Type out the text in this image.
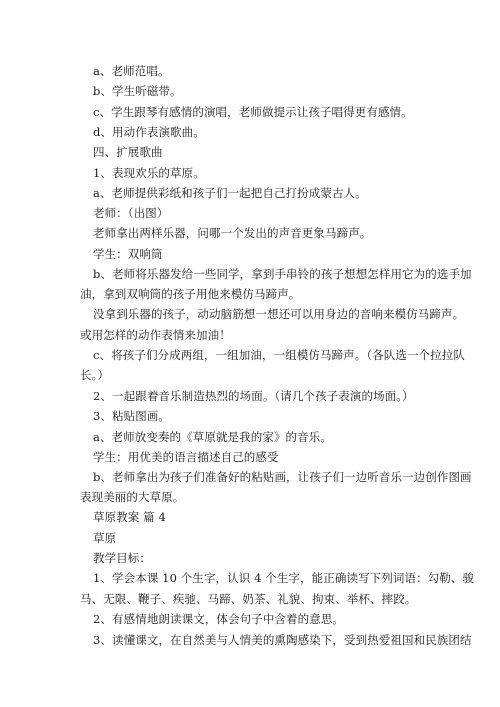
a、老师范唱。
b、学生听磁带。
c、学生跟琴有感情的演唱，老师做提示让孩子唱得更有感情。
d、用动作表演歌曲。
四、扩展歌曲
1、表现欢乐的草原。
a、老师提供彩纸和孩子们一起把自己打扮成蒙古人。
老师：（出图）
老师拿出两样乐器，问哪一个发出的声音更象马蹄声。
学生：双响筒
b、老师将乐器发给一些同学，拿到手串铃的孩子想想怎样用它为的选手加
油，拿到双响筒的孩子用他来模仿马蹄声。
没拿到乐器的孩子，动动脑筋想一想还可以用身边的音响来模仿马蹄声。
或用怎样的动作表情来加油！
c、将孩子们分成两组，一组加油，一组模仿马蹄声。（各队选一个拉拉队
长。）
2、一起跟着音乐制造热烈的场面。（请几个孩子表演的场面。）
3、粘贴图画。
a、老师放变奏的《草原就是我的家》的音乐。
学生：用优美的语言描述自己的感受
b、老师拿出为孩子们准备好的粘贴画，让孩子们一边听音乐一边创作图画
表现美丽的大草原。
草原教案 篇 4
草原
教学目标：
1、学会本课 10 个生字，认识 4 个生字，能正确读写下列词语：勾勒、骏
马、无限、鞭子、疾驰、马蹄、奶茶、礼貌、拘束、举杯、摔跤。
2、有感情地朗读课文，体会句子中含着的意思。
3、读懂课文，在自然美与人情美的熏陶感染下，受到热爱祖国和民族团结
